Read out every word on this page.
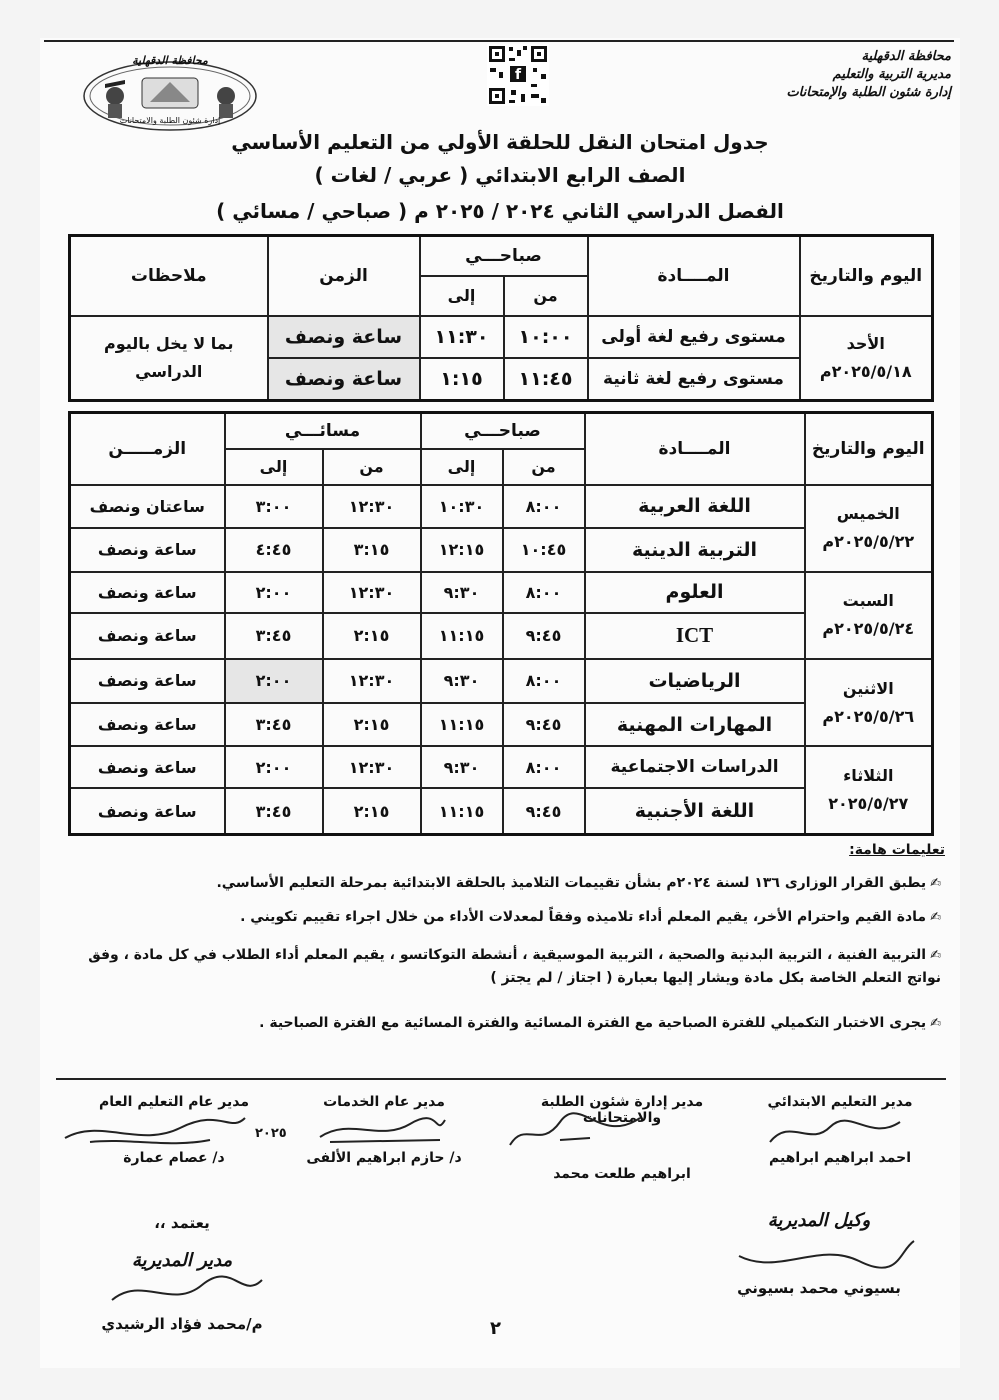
محافظة الدقهلية
مديرية التربية والتعليم
إدارة شئون الطلبة والإمتحانات
f
محافظة الدقهلية
إدارة شئون الطلبة والامتحانات
جدول امتحان النقل للحلقة الأولي من التعليم الأساسي
الصف الرابع الابتدائي ( عربي / لغات )
الفصل الدراسي الثاني ٢٠٢٤ / ٢٠٢٥ م ( صباحي / مسائي )
اليوم والتاريخ	المــــادة	صباحـــي		الزمن	ملاحظات
		من	إلى		

الأحد
٢٠٢٥/٥/١٨م	مستوى رفيع لغة أولى	١٠:٠٠	١١:٣٠	ساعة ونصف	بما لا يخل باليوم الدراسي
	مستوى رفيع لغة ثانية	١١:٤٥	١:١٥	ساعة ونصف	
اليوم والتاريخ	المــــادة	صباحـــي		مسائـــي		الزمـــــن
		من	إلى	من	إلى	

الخميس
٢٠٢٥/٥/٢٢م	اللغة العربية	٨:٠٠	١٠:٣٠	١٢:٣٠	٣:٠٠	ساعتان ونصف
	التربية الدينية	١٠:٤٥	١٢:١٥	٣:١٥	٤:٤٥	ساعة ونصف

السبت
٢٠٢٥/٥/٢٤م	العلوم	٨:٠٠	٩:٣٠	١٢:٣٠	٢:٠٠	ساعة ونصف
	ICT	٩:٤٥	١١:١٥	٢:١٥	٣:٤٥	ساعة ونصف

الاثنين
٢٠٢٥/٥/٢٦م	الرياضيات	٨:٠٠	٩:٣٠	١٢:٣٠	٢:٠٠	ساعة ونصف
	المهارات المهنية	٩:٤٥	١١:١٥	٢:١٥	٣:٤٥	ساعة ونصف

الثلاثاء
٢٠٢٥/٥/٢٧	الدراسات الاجتماعية	٨:٠٠	٩:٣٠	١٢:٣٠	٢:٠٠	ساعة ونصف
	اللغة الأجنبية	٩:٤٥	١١:١٥	٢:١٥	٣:٤٥	ساعة ونصف
تعليمات هامة:
✍يطبق القرار الوزارى ١٣٦ لسنة ٢٠٢٤م بشأن تقييمات التلاميذ بالحلقة الابتدائية بمرحلة التعليم الأساسي.
✍مادة القيم واحترام الأخر، يقيم المعلم أداء تلاميذه وفقاً لمعدلات الأداء من خلال اجراء تقييم تكويني .
✍التربية الفنية ، التربية البدنية والصحية ، التربية الموسيقية ، أنشطة التوكاتسو ، يقيم المعلم أداء الطلاب في كل مادة ، وفق نواتج التعلم الخاصة بكل مادة ويشار إليها بعبارة ( اجتاز / لم يجتز )
✍يجرى الاختبار التكميلي للفترة الصباحية مع الفترة المسائية والفترة المسائية مع الفترة الصباحية .
مدير التعليم الابتدائي
احمد ابراهيم ابراهيم
مدير إدارة شئون الطلبة والامتحانات
ابراهيم طلعت محمد
مدير عام الخدمات
د/ حازم ابراهيم الألفى
مدير عام التعليم العام
د/ عصام عمارة
٢٠٢٥
وكيل المديرية
بسيوني محمد بسيوني
يعتمد ،،
مدير المديرية
م/محمد فؤاد الرشيدي	٢
